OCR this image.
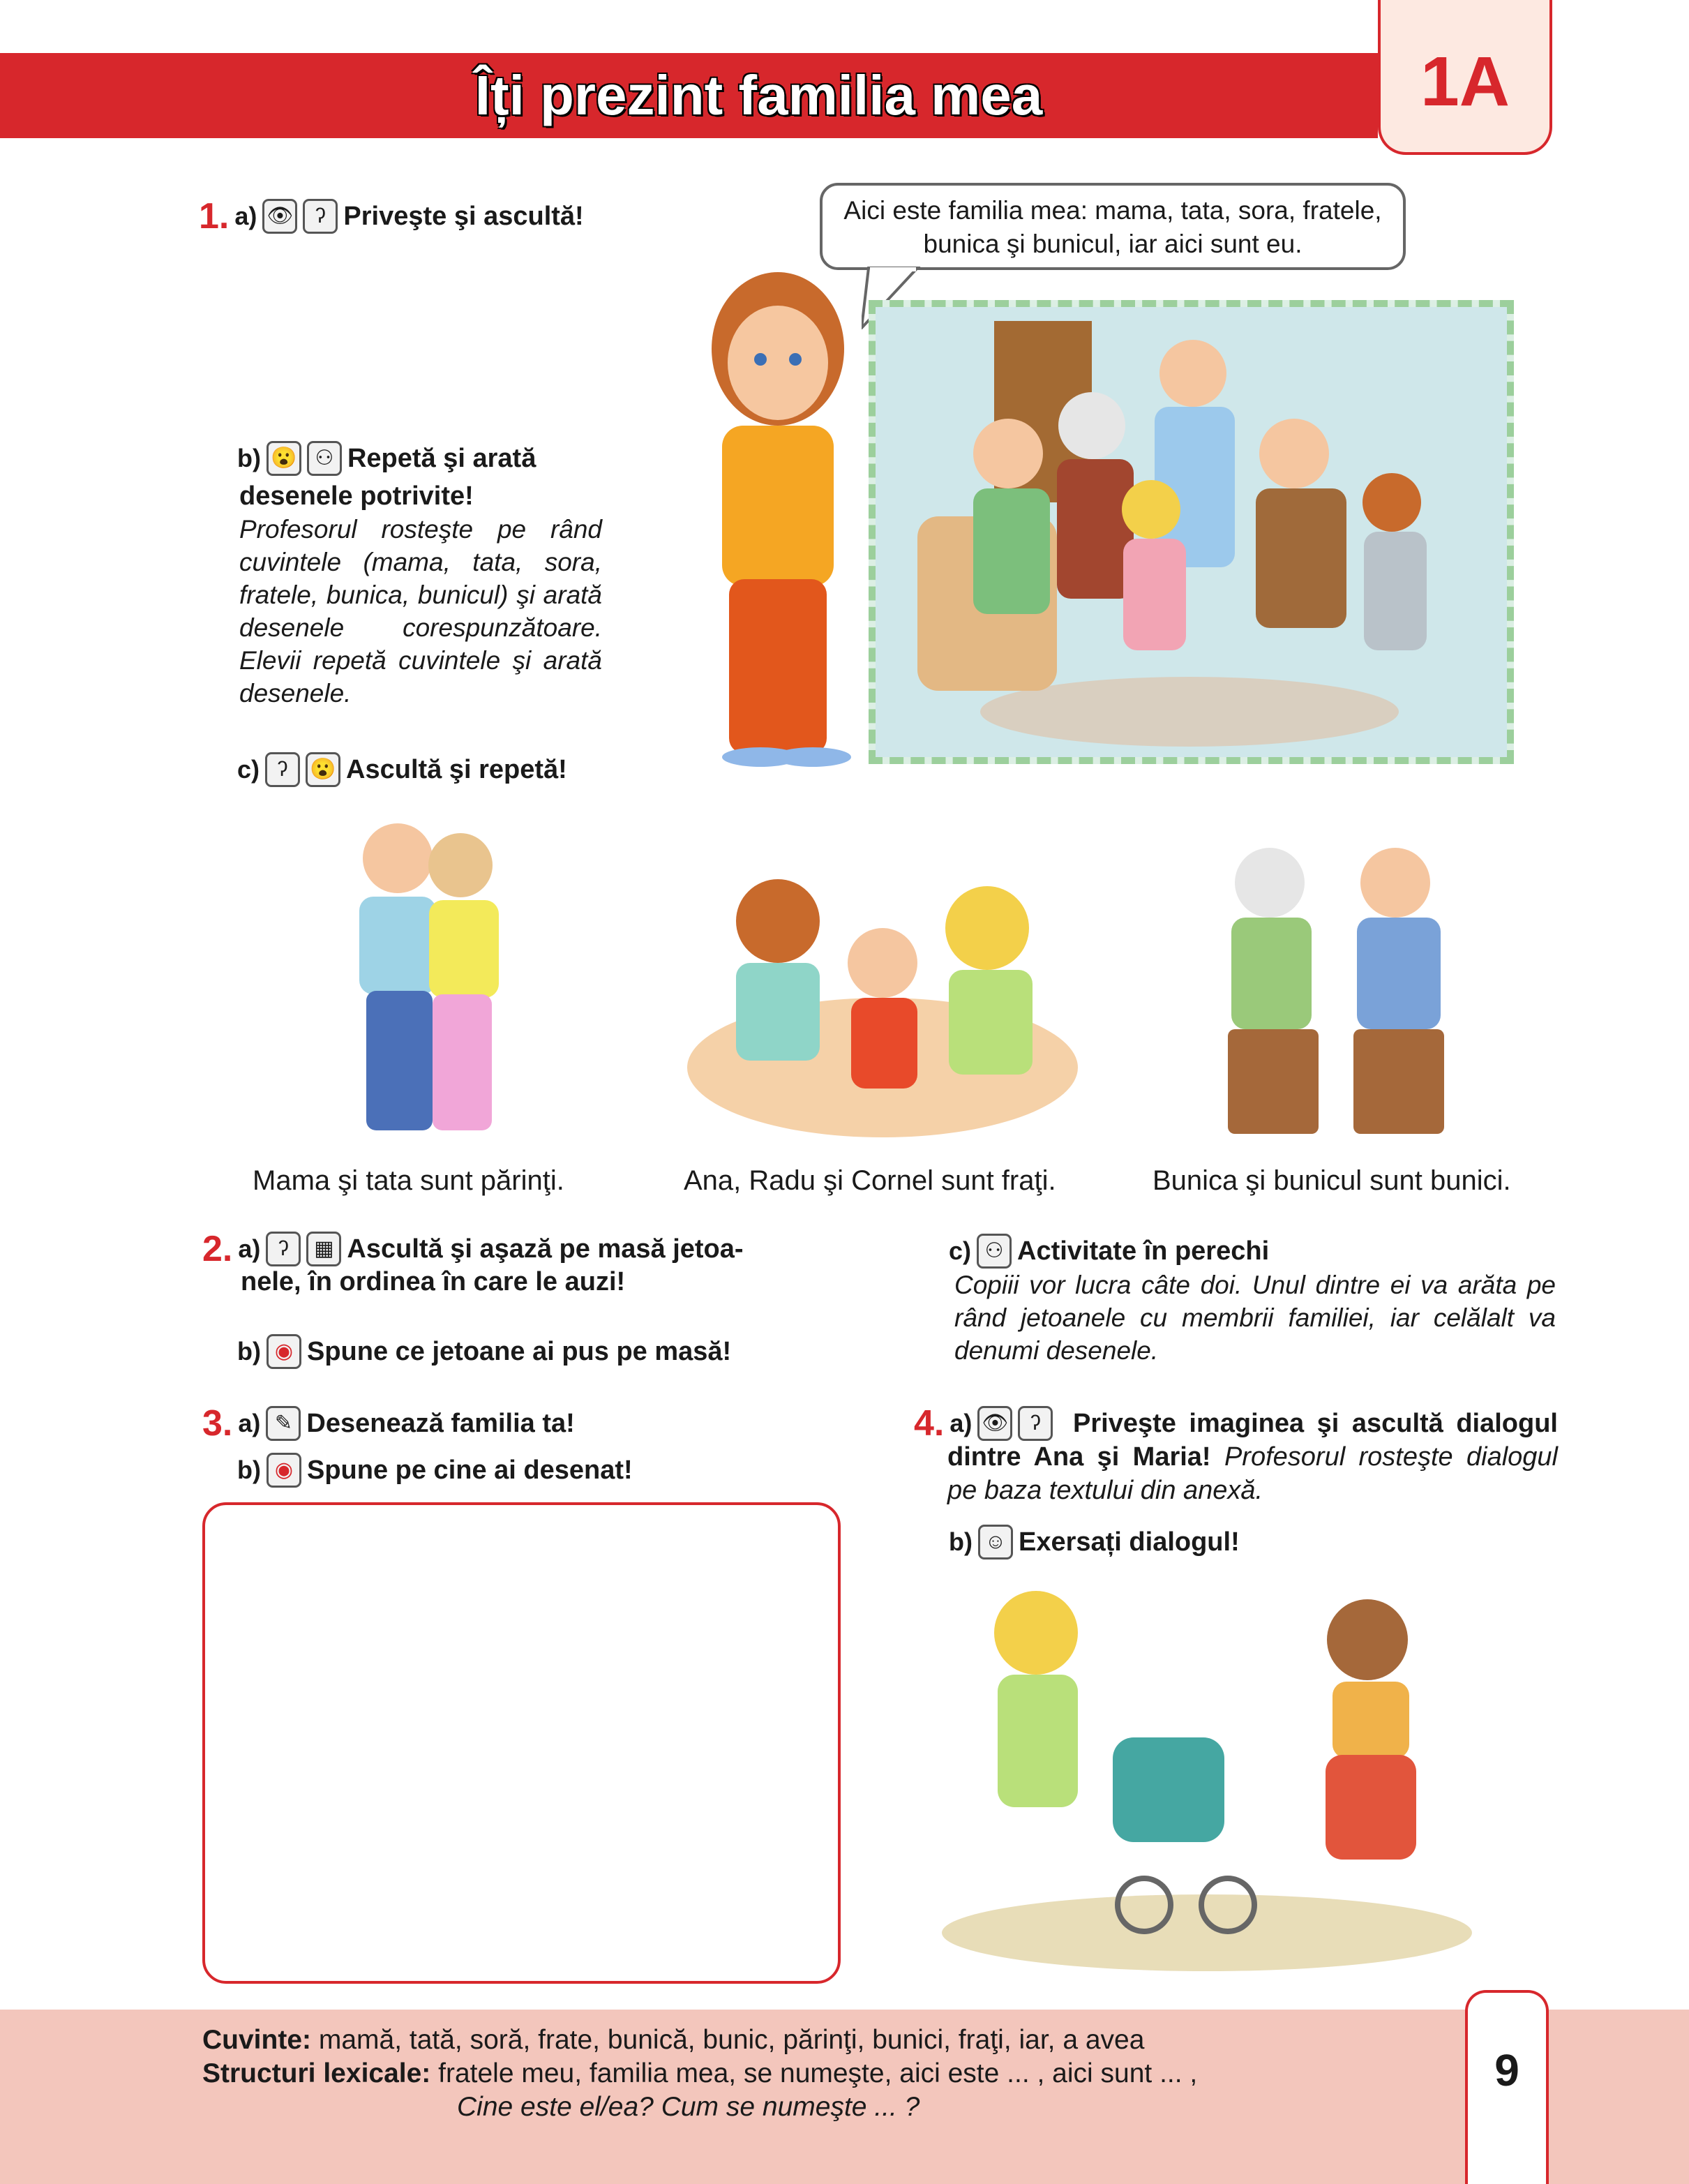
Îți prezint familia mea	1A
1. a) 👁	ʔ Priveşte şi ascultă!	Aici este familia mea: mama, tata, sora, fratele, bunica şi bunicul, iar aici sunt eu.
b) 😮 ⚇ Repetă şi arată
desenele potrivite!
Profesorul rosteşte pe rând cuvintele (mama, tata, sora, fratele, bunica, bunicul) şi arată desenele corespunzătoare. Elevii repetă cuvintele şi arată desenele.
c) ʔ	😮 Ascultă şi repetă!
Mama şi tata sunt părinţi.	Ana, Radu şi Cornel sunt fraţi.	Bunica şi bunicul sunt bunici.
2. a) ʔ	▦ Ascultă şi aşază pe masă jetoa-
nele, în ordinea în care le auzi!
b) ◉ Spune ce jetoane ai pus pe masă!
c) ⚇ Activitate în perechi
Copiii vor lucra câte doi. Unul dintre ei va arăta pe rând jetoanele cu membrii familiei, iar celălalt va denumi desenele.
3. a) ✎ Desenează familia ta!
b) ◉ Spune pe cine ai desenat!
4. a) 👁	ʔ	Priveşte imaginea şi ascultă dialogul dintre Ana şi Maria! Profesorul rosteşte dialogul pe baza textului din anexă.
b) ☺ Exersați dialogul!
Cuvinte: mamă, tată, soră, frate, bunică, bunic, părinţi, bunici, fraţi, iar, a avea
Structuri lexicale: fratele meu, familia mea, se numeşte, aici este ... , aici sunt ... ,
Cine este el/ea? Cum se numeşte ... ?
9
